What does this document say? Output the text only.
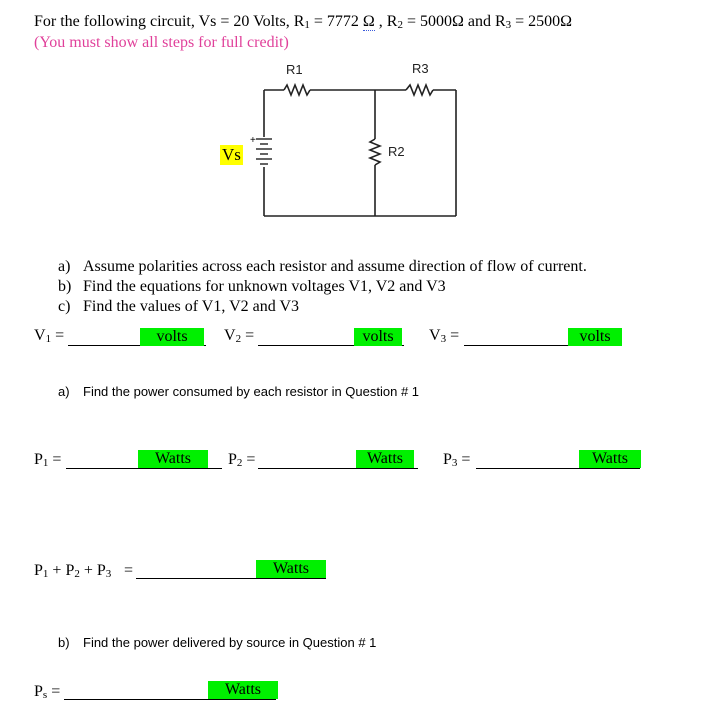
For the following circuit, Vs = 20 Volts, R1 = 7772 Ω , R2 = 5000Ω and R3 = 2500Ω
(You must show all steps for full credit)
+
R1	R3
R2
Vs
a) Assume polarities across each resistor and assume direction of flow of current.
b) Find the equations for unknown voltages V1, V2 and V3
c) Find the values of V1, V2 and V3
V1 =	volts	V2 =	volts	V3 =	volts
a) Find the power consumed by each resistor in Question # 1
P1 =	Watts	P2 =	Watts	P3 =	Watts
P1 + P2 + P3 =	Watts
b) Find the power delivered by source in Question # 1
Ps =	Watts
